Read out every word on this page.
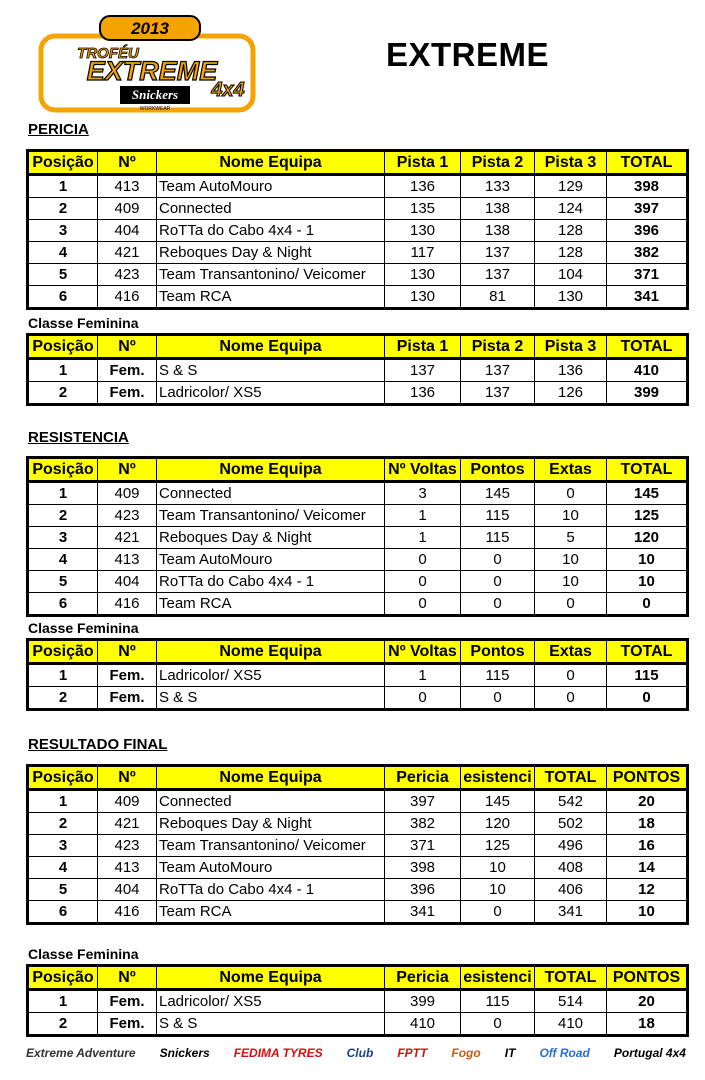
2013
TROFÉU
EXTREME
4x4
Snickers
WORKWEAR
EXTREME
PERICIA
Posição	Nº	Nome Equipa	Pista 1	Pista 2	Pista 3	TOTAL
1	413	Team AutoMouro	136	133	129	398
2	409	Connected	135	138	124	397
3	404	RoTTa do Cabo 4x4 - 1	130	138	128	396
4	421	Reboques Day & Night	117	137	128	382
5	423	Team Transantonino/ Veicomer	130	137	104	371
6	416	Team RCA	130	81	130	341
Classe Feminina
Posição	Nº	Nome Equipa	Pista 1	Pista 2	Pista 3	TOTAL
1	Fem.	S & S	137	137	136	410
2	Fem.	Ladricolor/ XS5	136	137	126	399
RESISTENCIA
Posição	Nº	Nome Equipa	Nº Voltas	Pontos	Extas	TOTAL
1	409	Connected	3	145	0	145
2	423	Team Transantonino/ Veicomer	1	115	10	125
3	421	Reboques Day & Night	1	115	5	120
4	413	Team AutoMouro	0	0	10	10
5	404	RoTTa do Cabo 4x4 - 1	0	0	10	10
6	416	Team RCA	0	0	0	0
Classe Feminina
Posição	Nº	Nome Equipa	Nº Voltas	Pontos	Extas	TOTAL
1	Fem.	Ladricolor/ XS5	1	115	0	115
2	Fem.	S & S	0	0	0	0
RESULTADO FINAL
Posição	Nº	Nome Equipa	Pericia	esistenci	TOTAL	PONTOS
1	409	Connected	397	145	542	20
2	421	Reboques Day & Night	382	120	502	18
3	423	Team Transantonino/ Veicomer	371	125	496	16
4	413	Team AutoMouro	398	10	408	14
5	404	RoTTa do Cabo 4x4 - 1	396	10	406	12
6	416	Team RCA	341	0	341	10
Classe Feminina
Posição	Nº	Nome Equipa	Pericia	esistenci	TOTAL	PONTOS
1	Fem.	Ladricolor/ XS5	399	115	514	20
2	Fem.	S & S	410	0	410	18
Extreme Adventure Snickers FEDIMA TYRES Club FPTT Fogo IT Off Road Portugal 4x4
